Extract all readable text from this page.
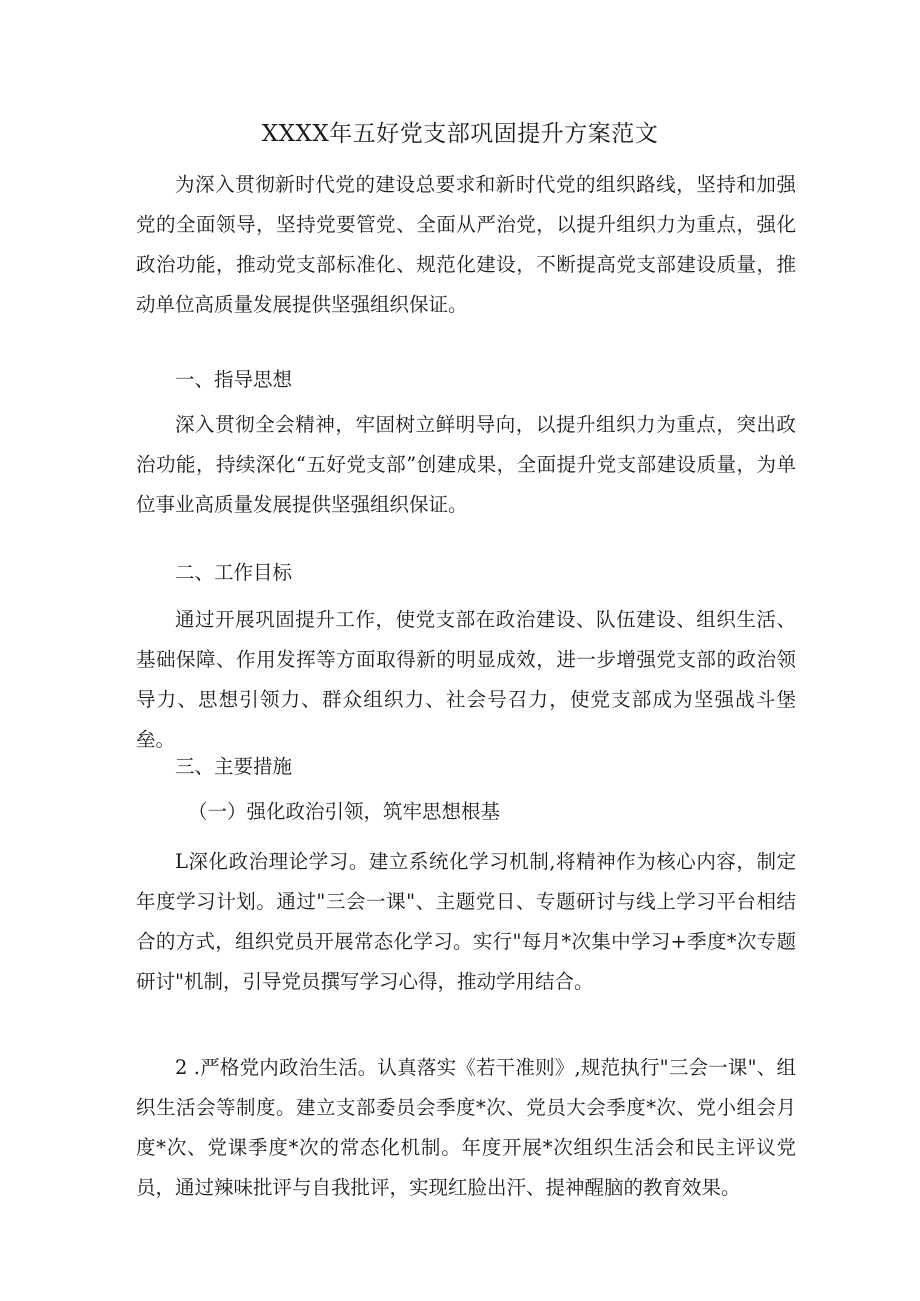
XXXX年五好党支部巩固提升方案范文

为深入贯彻新时代党的建设总要求和新时代党的组织路线，坚持和加强党的全面领导，坚持党要管党、全面从严治党，以提升组织力为重点，强化政治功能，推动党支部标准化、规范化建设，不断提高党支部建设质量，推动单位高质量发展提供坚强组织保证。

一、指导思想

深入贯彻全会精神，牢固树立鲜明导向，以提升组织力为重点，突出政治功能，持续深化“五好党支部”创建成果，全面提升党支部建设质量，为单位事业高质量发展提供坚强组织保证。

二、工作目标

通过开展巩固提升工作，使党支部在政治建设、队伍建设、组织生活、基础保障、作用发挥等方面取得新的明显成效，进一步增强党支部的政治领导力、思想引领力、群众组织力、社会号召力，使党支部成为坚强战斗堡垒。

三、主要措施
（一）强化政治引领，筑牢思想根基

L深化政治理论学习。建立系统化学习机制,将精神作为核心内容，制定年度学习计划。通过"三会一课"、主题党日、专题研讨与线上学习平台相结合的方式，组织党员开展常态化学习。实行"每月*次集中学习+季度*次专题研讨"机制，引导党员撰写学习心得，推动学用结合。

2 .严格党内政治生活。认真落实《若干准则》,规范执行"三会一课"、组织生活会等制度。建立支部委员会季度*次、党员大会季度*次、党小组会月度*次、党课季度*次的常态化机制。年度开展*次组织生活会和民主评议党员，通过辣味批评与自我批评，实现红脸出汗、提神醒脑的教育效果。
